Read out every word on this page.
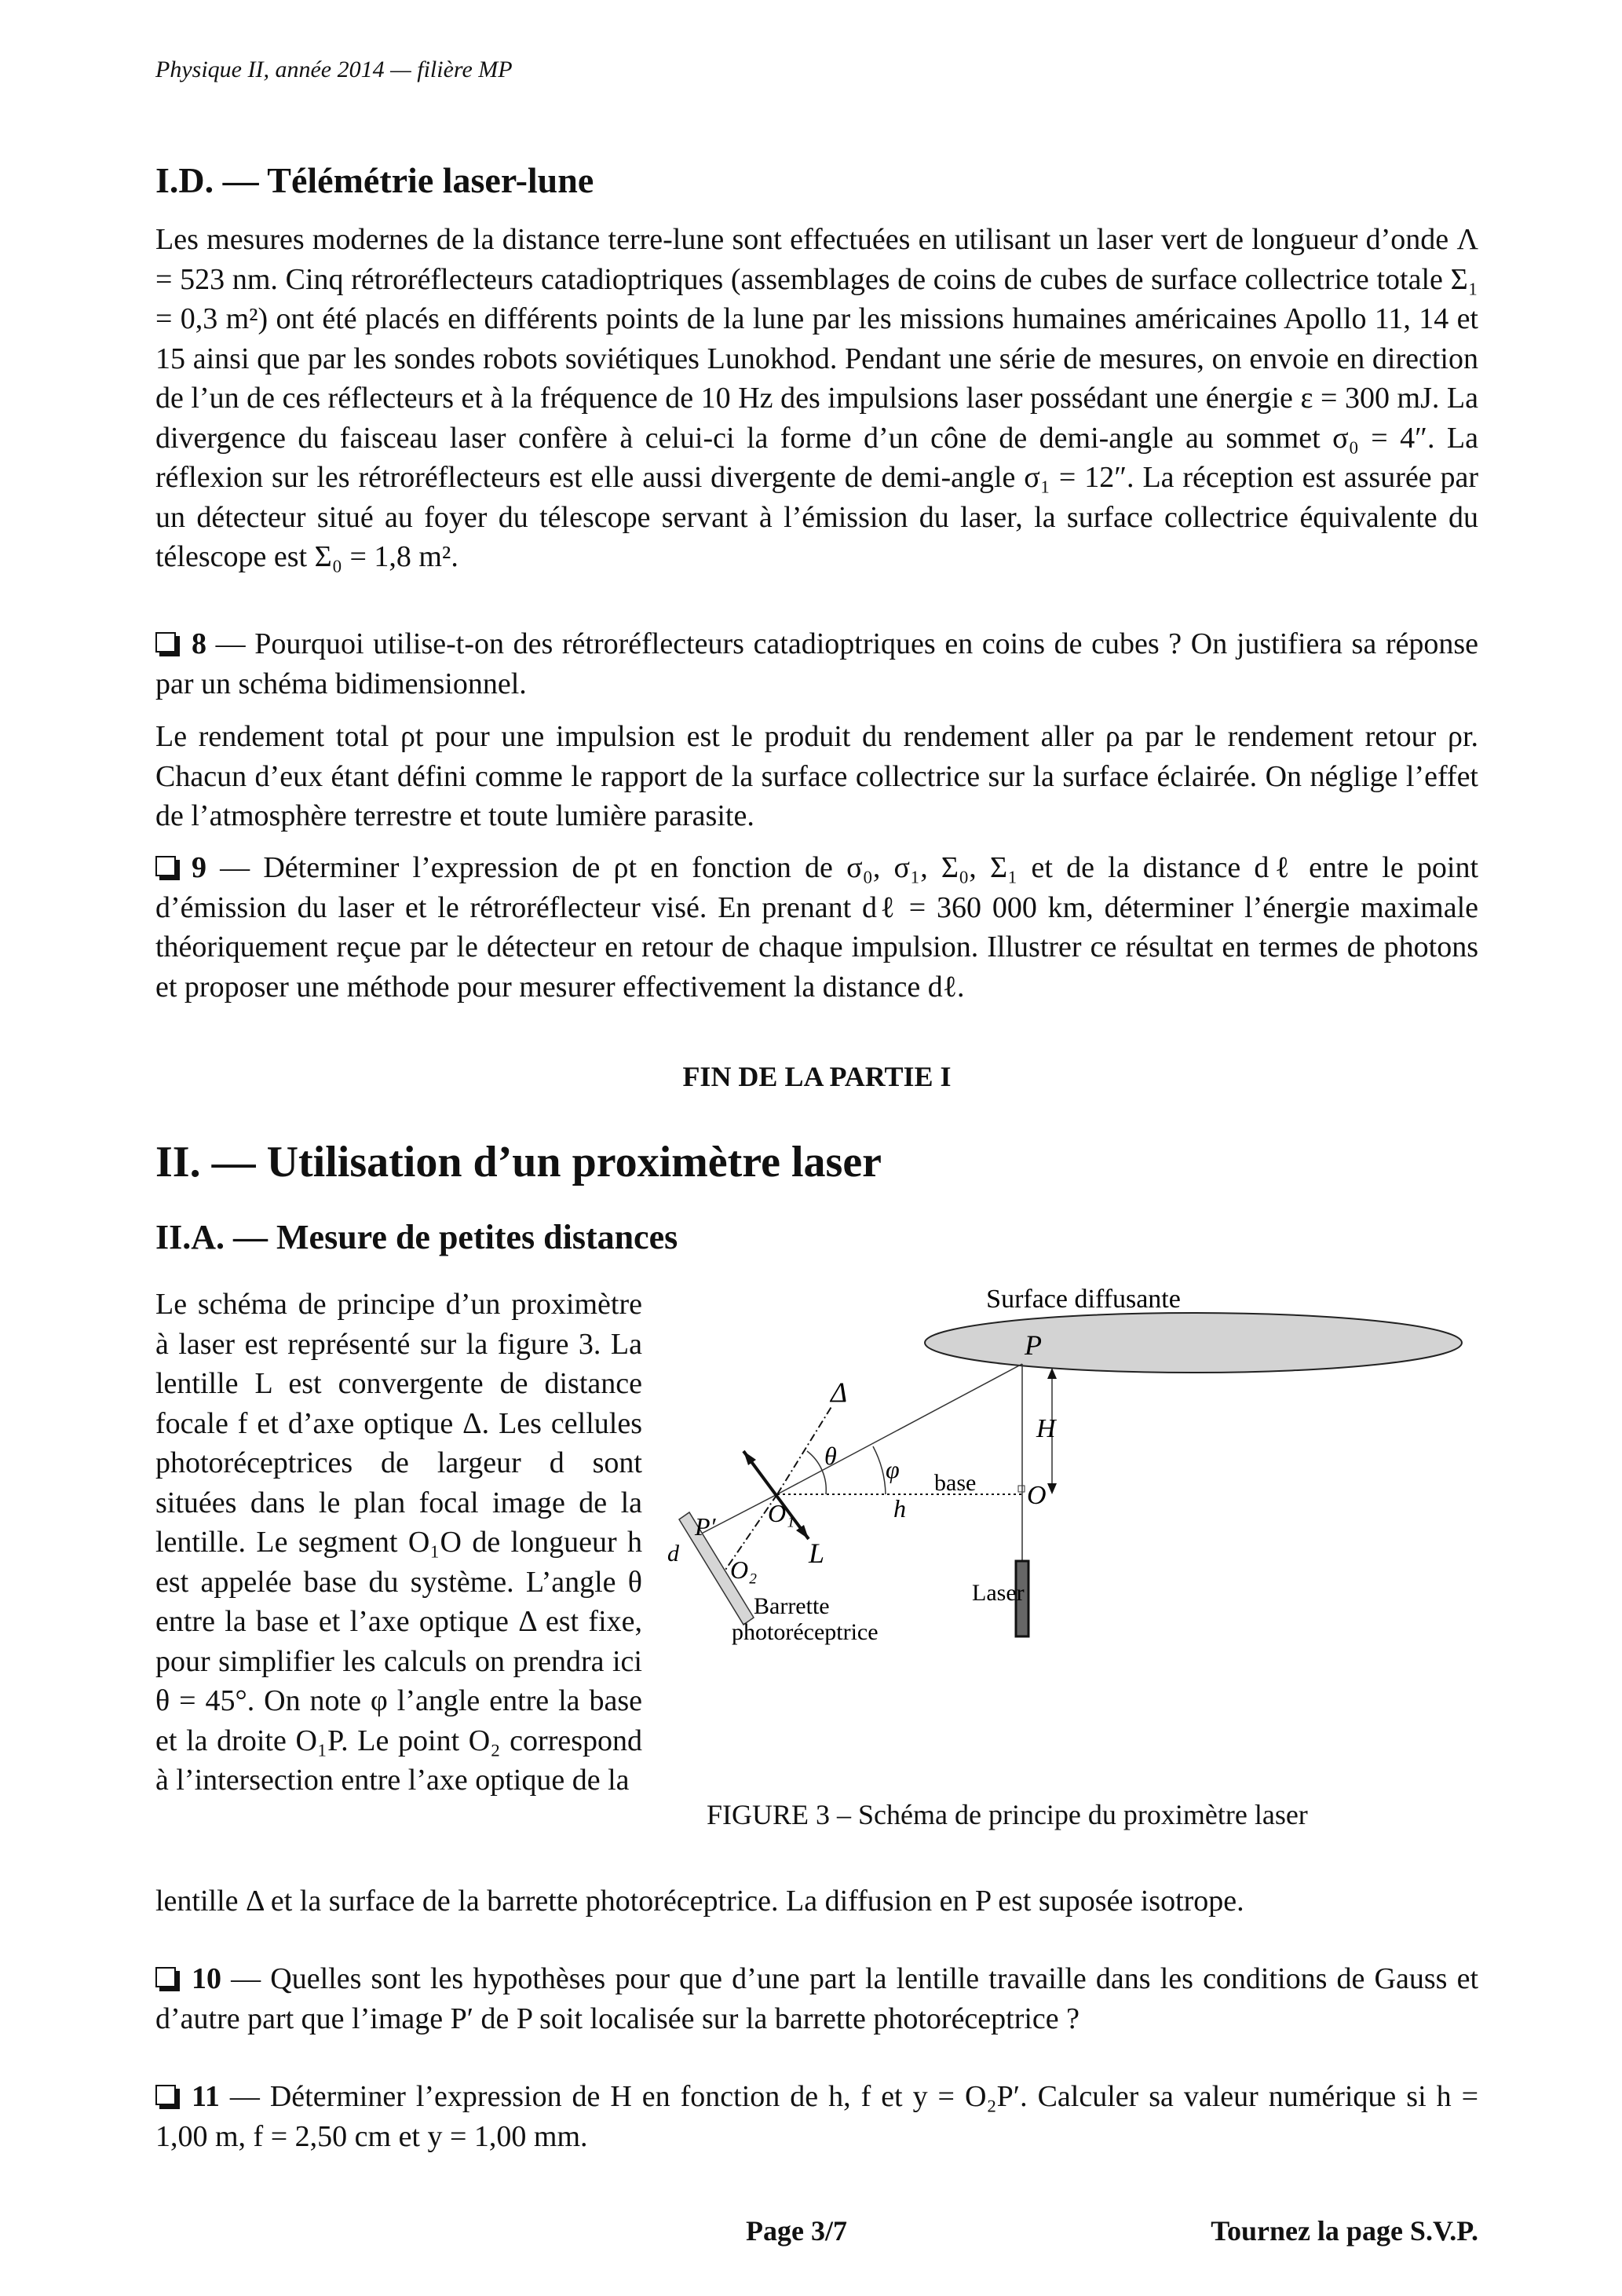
Physique II, année 2014 — filière MP
I.D. — Télémétrie laser-lune
Les mesures modernes de la distance terre-lune sont effectuées en utilisant un laser vert de longueur d’onde Λ = 523 nm. Cinq rétroréflecteurs catadioptriques (assemblages de coins de cubes de surface collectrice totale Σ₁ = 0,3 m²) ont été placés en différents points de la lune par les missions humaines américaines Apollo 11, 14 et 15 ainsi que par les sondes robots soviétiques Lunokhod. Pendant une série de mesures, on envoie en direction de l’un de ces réflecteurs et à la fréquence de 10 Hz des impulsions laser possédant une énergie ε = 300 mJ. La divergence du faisceau laser confère à celui-ci la forme d’un cône de demi-angle au sommet σ₀ = 4″. La réflexion sur les rétroréflecteurs est elle aussi divergente de demi-angle σ₁ = 12″. La réception est assurée par un détecteur situé au foyer du télescope servant à l’émission du laser, la surface collectrice équivalente du télescope est Σ₀ = 1,8 m².
8 — Pourquoi utilise-t-on des rétroréflecteurs catadioptriques en coins de cubes ? On justifiera sa réponse par un schéma bidimensionnel.
Le rendement total ρt pour une impulsion est le produit du rendement aller ρa par le rendement retour ρr. Chacun d’eux étant défini comme le rapport de la surface collectrice sur la surface éclairée. On néglige l’effet de l’atmosphère terrestre et toute lumière parasite.
9 — Déterminer l’expression de ρt en fonction de σ₀, σ₁, Σ₀, Σ₁ et de la distance dℓ entre le point d’émission du laser et le rétroréflecteur visé. En prenant dℓ = 360 000 km, déterminer l’énergie maximale théoriquement reçue par le détecteur en retour de chaque impulsion. Illustrer ce résultat en termes de photons et proposer une méthode pour mesurer effectivement la distance dℓ.
FIN DE LA PARTIE I
II. — Utilisation d’un proximètre laser
II.A. — Mesure de petites distances
Le schéma de principe d’un proximètre à laser est représenté sur la figure 3. La lentille L est convergente de distance focale f et d’axe optique Δ. Les cellules photoréceptrices de largeur d sont situées dans le plan focal image de la lentille. Le segment O₁O de longueur h est appelée base du système. L’angle θ entre la base et l’axe optique Δ est fixe, pour simplifier les calculs on prendra ici θ = 45°. On note φ l’angle entre la base et la droite O₁P. Le point O₂ correspond à l’intersection entre l’axe optique de la
Surface diffusante
P
Δ
θ φ base
h	O
H
O₁
P′
d
O₂
Barrette
photoréceptrice
L
Laser
FIGURE 3 – Schéma de principe du proximètre laser
lentille Δ et la surface de la barrette photoréceptrice. La diffusion en P est suposée isotrope.
10 — Quelles sont les hypothèses pour que d’une part la lentille travaille dans les conditions de Gauss et d’autre part que l’image P′ de P soit localisée sur la barrette photoréceptrice ?
11 — Déterminer l’expression de H en fonction de h, f et y = O₂P′. Calculer sa valeur numérique si h = 1,00 m, f = 2,50 cm et y = 1,00 mm.
Page 3/7	Tournez la page S.V.P.
